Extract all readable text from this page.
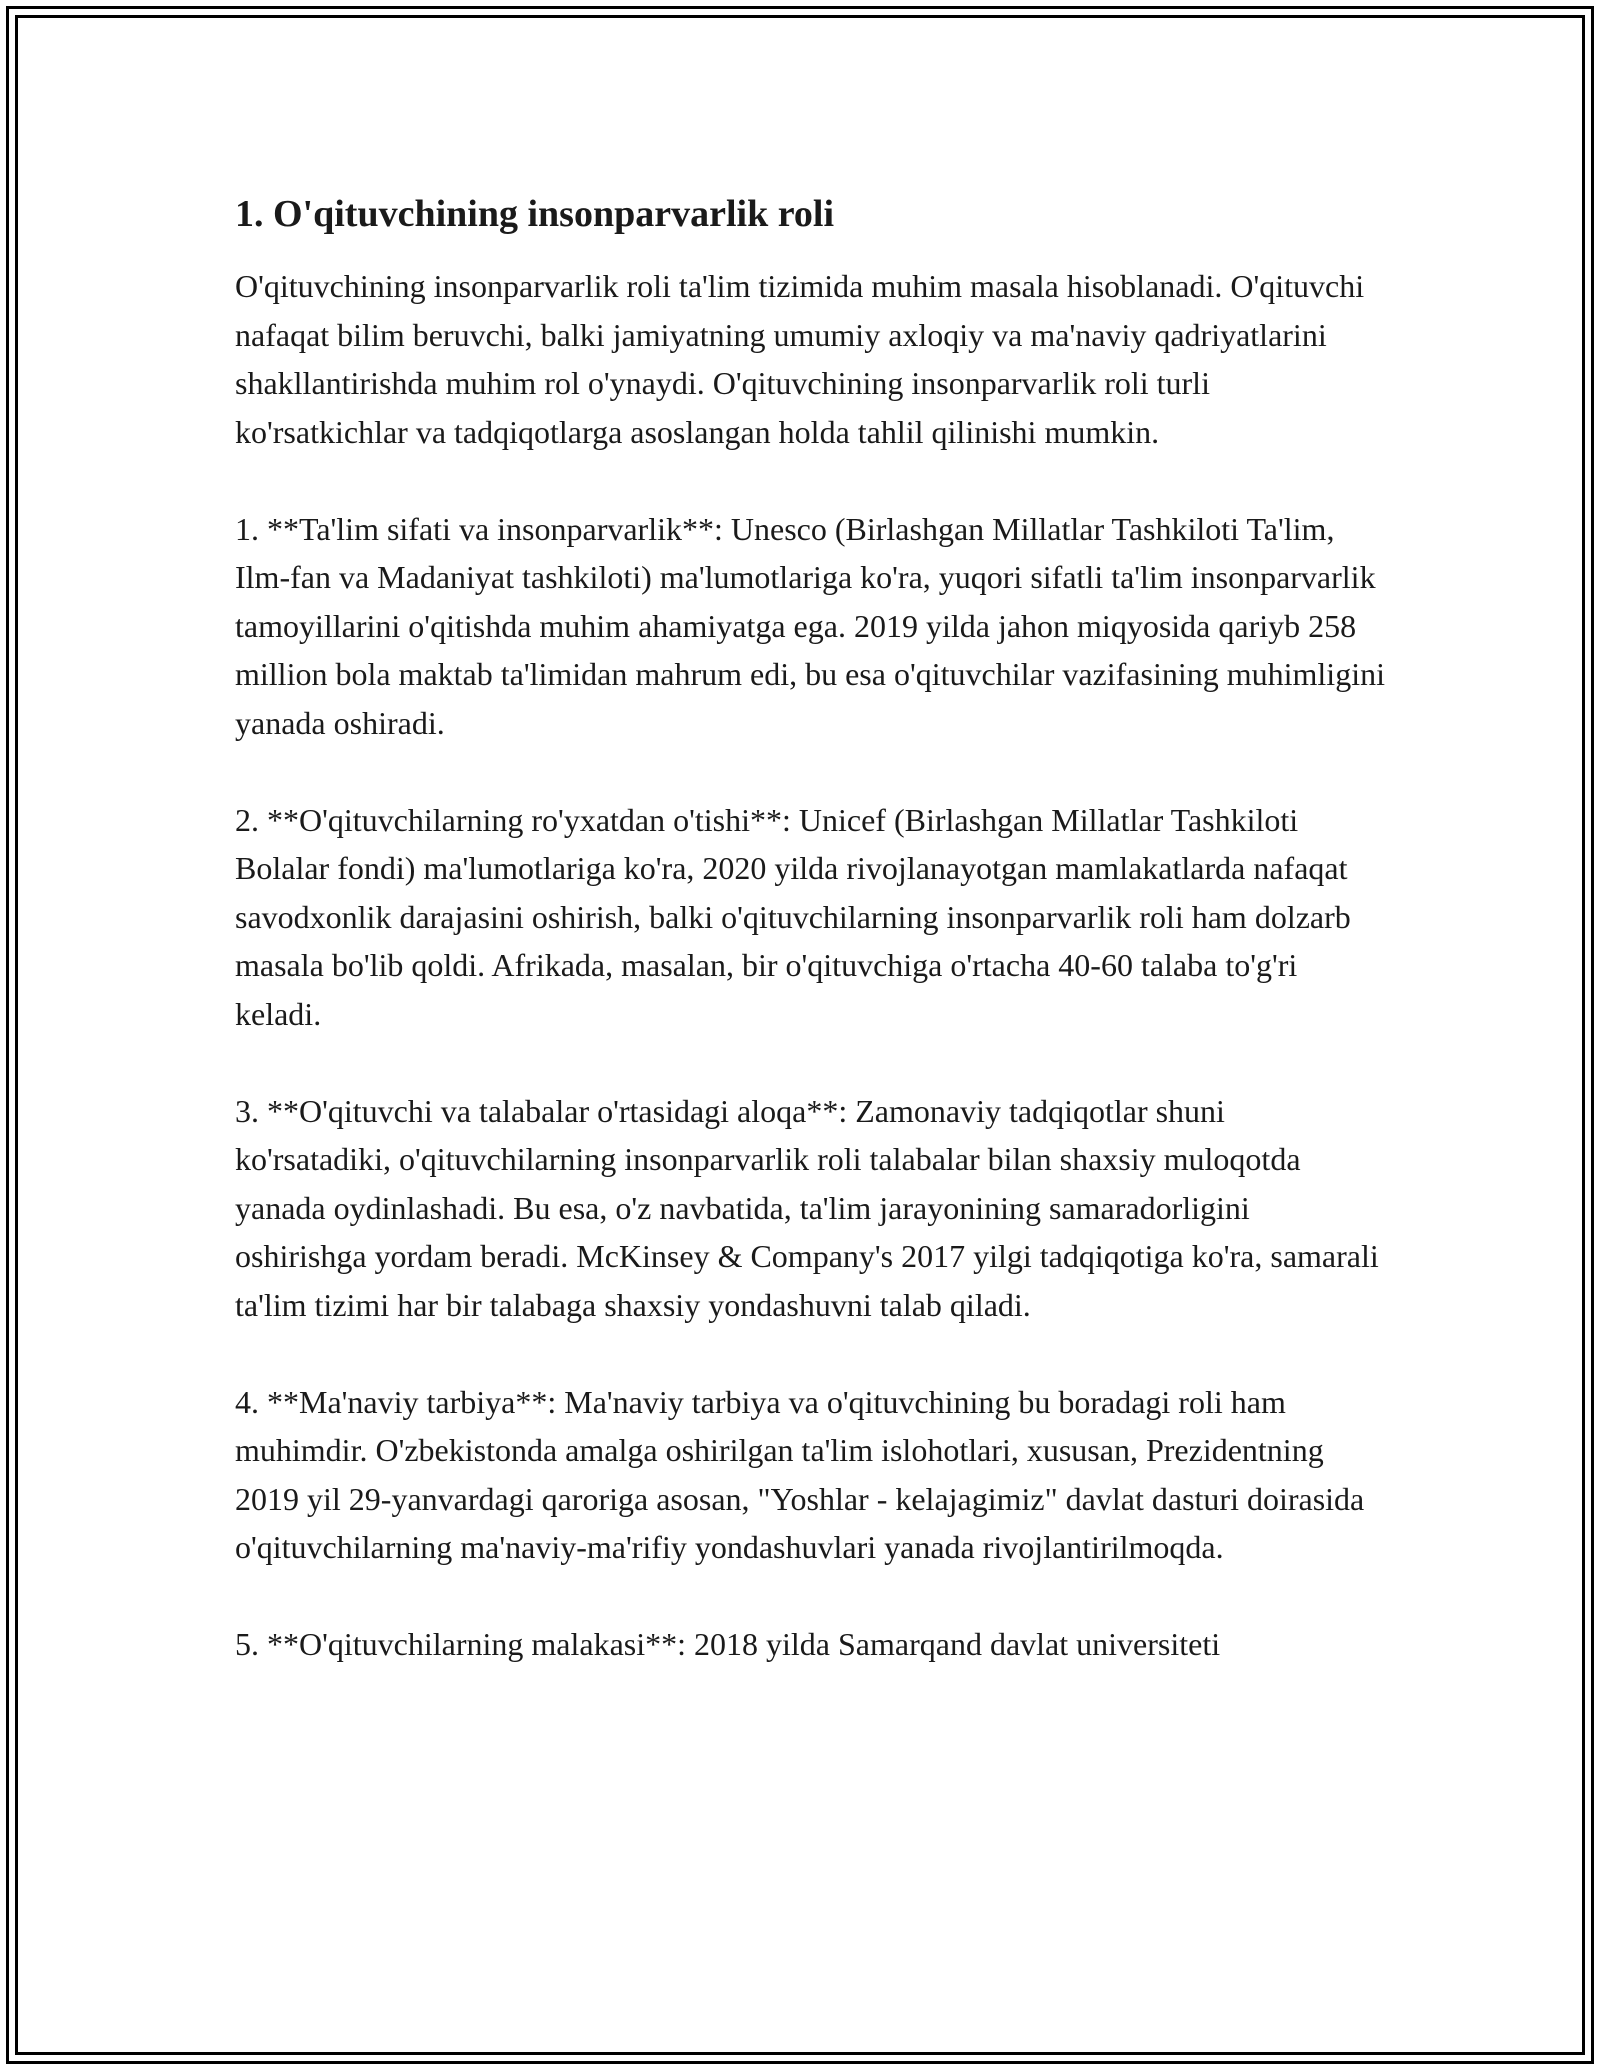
1. O'qituvchining insonparvarlik roli

O'qituvchining insonparvarlik roli ta'lim tizimida muhim masala hisoblanadi. O'qituvchi nafaqat bilim beruvchi, balki jamiyatning umumiy axloqiy va ma'naviy qadriyatlarini shakllantirishda muhim rol o'ynaydi. O'qituvchining insonparvarlik roli turli ko'rsatkichlar va tadqiqotlarga asoslangan holda tahlil qilinishi mumkin.

1. **Ta'lim sifati va insonparvarlik**: Unesco (Birlashgan Millatlar Tashkiloti Ta'lim, Ilm-fan va Madaniyat tashkiloti) ma'lumotlariga ko'ra, yuqori sifatli ta'lim insonparvarlik tamoyillarini o'qitishda muhim ahamiyatga ega. 2019 yilda jahon miqyosida qariyb 258 million bola maktab ta'limidan mahrum edi, bu esa o'qituvchilar vazifasining muhimligini yanada oshiradi.

2. **O'qituvchilarning ro'yxatdan o'tishi**: Unicef (Birlashgan Millatlar Tashkiloti Bolalar fondi) ma'lumotlariga ko'ra, 2020 yilda rivojlanayotgan mamlakatlarda nafaqat savodxonlik darajasini oshirish, balki o'qituvchilarning insonparvarlik roli ham dolzarb masala bo'lib qoldi. Afrikada, masalan, bir o'qituvchiga o'rtacha 40-60 talaba to'g'ri keladi.

3. **O'qituvchi va talabalar o'rtasidagi aloqa**: Zamonaviy tadqiqotlar shuni ko'rsatadiki, o'qituvchilarning insonparvarlik roli talabalar bilan shaxsiy muloqotda yanada oydinlashadi. Bu esa, o'z navbatida, ta'lim jarayonining samaradorligini oshirishga yordam beradi. McKinsey & Company's 2017 yilgi tadqiqotiga ko'ra, samarali ta'lim tizimi har bir talabaga shaxsiy yondashuvni talab qiladi.

4. **Ma'naviy tarbiya**: Ma'naviy tarbiya va o'qituvchining bu boradagi roli ham muhimdir. O'zbekistonda amalga oshirilgan ta'lim islohotlari, xususan, Prezidentning 2019 yil 29-yanvardagi qaroriga asosan, "Yoshlar - kelajagimiz" davlat dasturi doirasida o'qituvchilarning ma'naviy-ma'rifiy yondashuvlari yanada rivojlantirilmoqda.

5. **O'qituvchilarning malakasi**: 2018 yilda Samarqand davlat universiteti
